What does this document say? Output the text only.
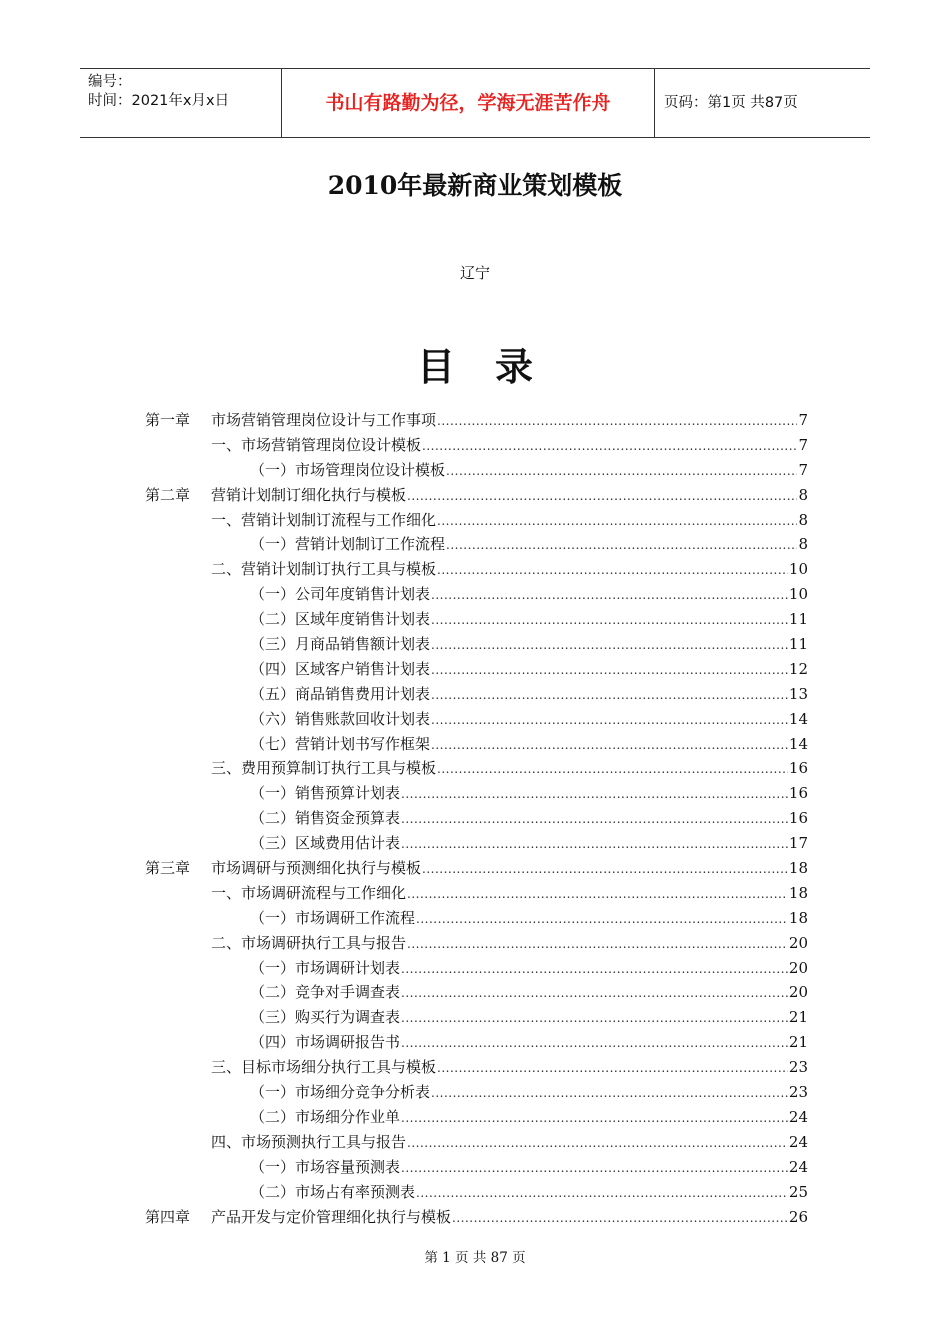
编号：
时间：2021年x月x日	书山有路勤为径，学海无涯苦作舟	页码：第1页 共87页
2010年最新商业策划模板
辽宁
目录
第一章	市场营销管理岗位设计与工作事项 .....	7
一、市场营销管理岗位设计模板 .....	7
（一）市场管理岗位设计模板 .....	7
第二章	营销计划制订细化执行与模板 .....	8
一、营销计划制订流程与工作细化 .....	8
（一）营销计划制订工作流程 .....	8
二、营销计划制订执行工具与模板 .....	10
（一）公司年度销售计划表 .....	10
（二）区域年度销售计划表 .....	11
（三）月商品销售额计划表 .....	11
（四）区域客户销售计划表 .....	12
（五）商品销售费用计划表 .....	13
（六）销售账款回收计划表 .....	14
（七）营销计划书写作框架 .....	14
三、费用预算制订执行工具与模板 .....	16
（一）销售预算计划表 .....	16
（二）销售资金预算表 .....	16
（三）区域费用估计表 .....	17
第三章	市场调研与预测细化执行与模板 .....	18
一、市场调研流程与工作细化 .....	18
（一）市场调研工作流程 .....	18
二、市场调研执行工具与报告 .....	20
（一）市场调研计划表 .....	20
（二）竞争对手调查表 .....	20
（三）购买行为调查表 .....	21
（四）市场调研报告书 .....	21
三、目标市场细分执行工具与模板 .....	23
（一）市场细分竞争分析表 .....	23
（二）市场细分作业单 .....	24
四、市场预测执行工具与报告 .....	24
（一）市场容量预测表 .....	24
（二）市场占有率预测表 .....	25
第四章	产品开发与定价管理细化执行与模板 .....	26
第 1 页 共 87 页
